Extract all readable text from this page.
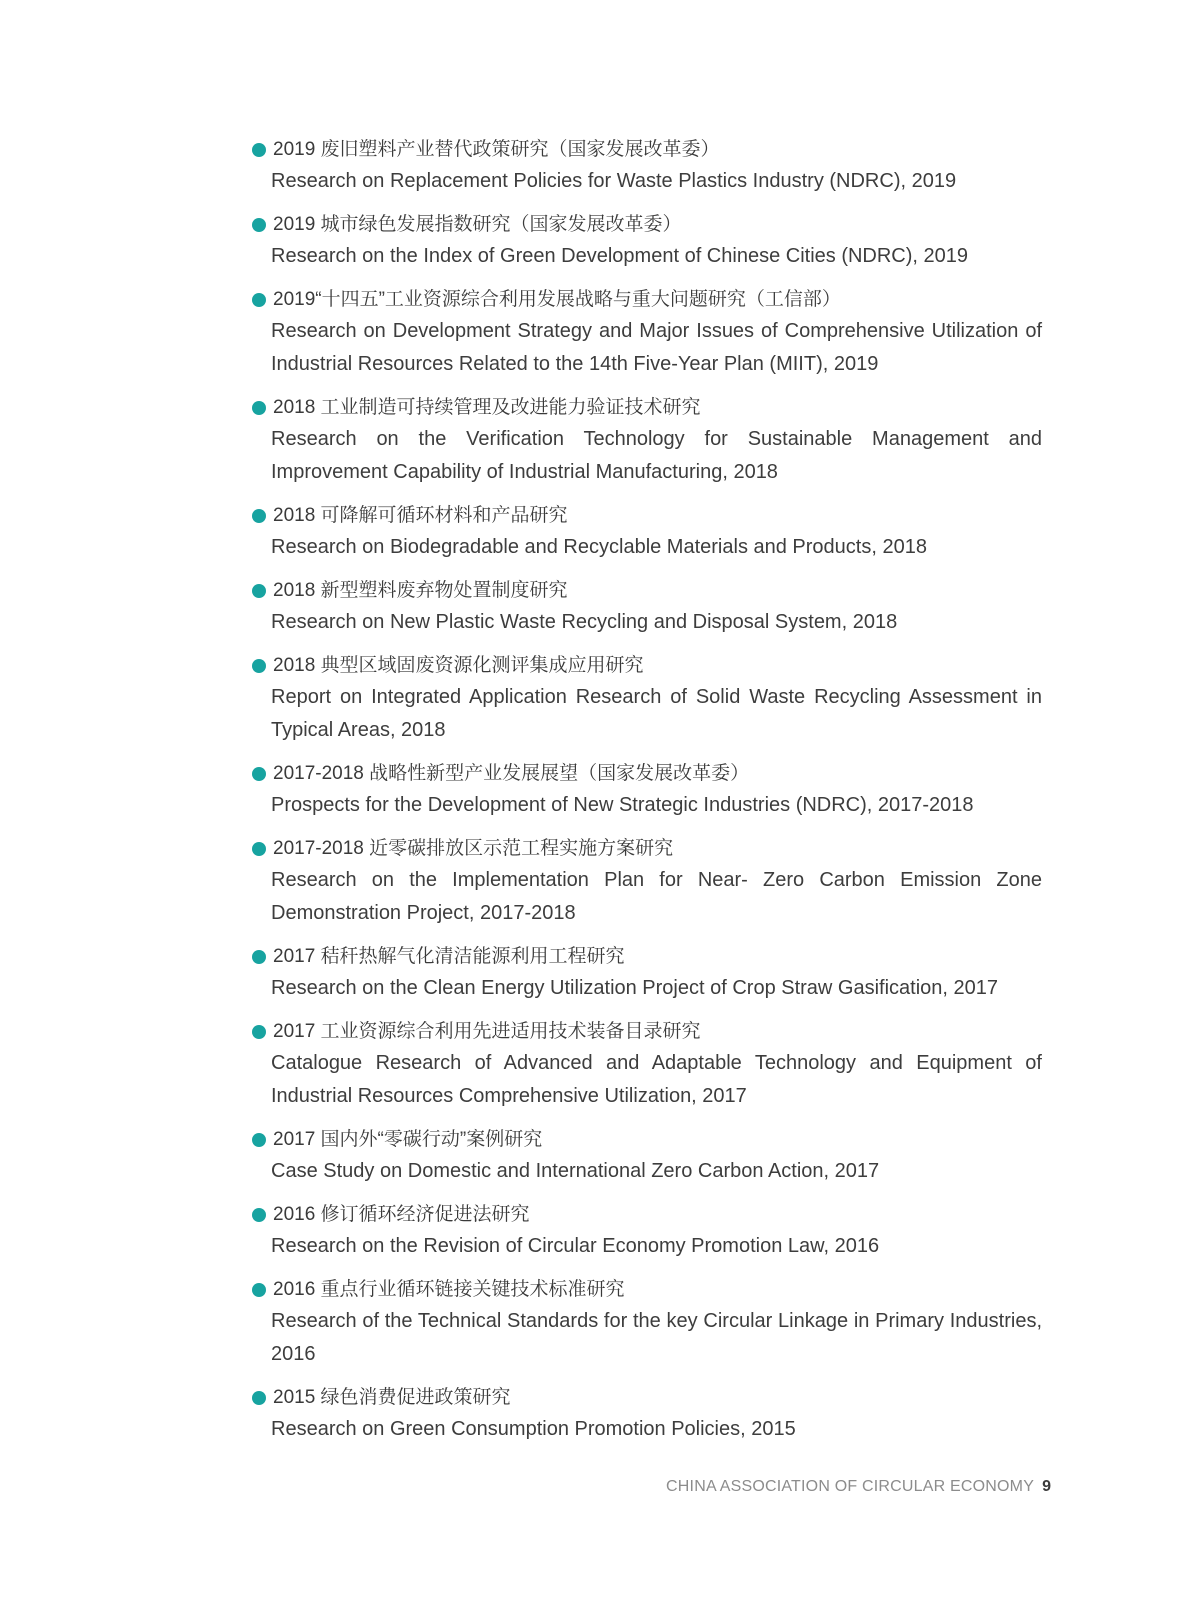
2019 废旧塑料产业替代政策研究（国家发展改革委）
Research on Replacement Policies for Waste Plastics Industry (NDRC), 2019
2019 城市绿色发展指数研究（国家发展改革委）
Research on the Index of Green Development of Chinese Cities (NDRC), 2019
2019“十四五”工业资源综合利用发展战略与重大问题研究（工信部）
Research on Development Strategy and Major Issues of Comprehensive Utilization of Industrial Resources Related to the 14th Five-Year Plan (MIIT), 2019
2018 工业制造可持续管理及改进能力验证技术研究
Research on the Verification Technology for Sustainable Management and Improvement Capability of Industrial Manufacturing, 2018
2018 可降解可循环材料和产品研究
Research on Biodegradable and Recyclable Materials and Products, 2018
2018 新型塑料废弃物处置制度研究
Research on New Plastic Waste Recycling and Disposal System, 2018
2018 典型区域固废资源化测评集成应用研究
Report on Integrated Application Research of Solid Waste Recycling Assessment in Typical Areas, 2018
2017-2018 战略性新型产业发展展望（国家发展改革委）
Prospects for the Development of New Strategic Industries (NDRC), 2017-2018
2017-2018 近零碳排放区示范工程实施方案研究
Research on the Implementation Plan for Near- Zero Carbon Emission Zone Demonstration Project, 2017-2018
2017 秸秆热解气化清洁能源利用工程研究
Research on the Clean Energy Utilization Project of Crop Straw Gasification, 2017
2017 工业资源综合利用先进适用技术装备目录研究
Catalogue Research of Advanced and Adaptable Technology and Equipment of Industrial Resources Comprehensive Utilization, 2017
2017 国内外“零碳行动”案例研究
Case Study on Domestic and International Zero Carbon Action, 2017
2016 修订循环经济促进法研究
Research on the Revision of Circular Economy Promotion Law, 2016
2016 重点行业循环链接关键技术标准研究
Research of the Technical Standards for the key Circular Linkage in Primary Industries, 2016
2015 绿色消费促进政策研究
Research on Green Consumption Promotion Policies, 2015
CHINA ASSOCIATION OF CIRCULAR ECONOMY 9
